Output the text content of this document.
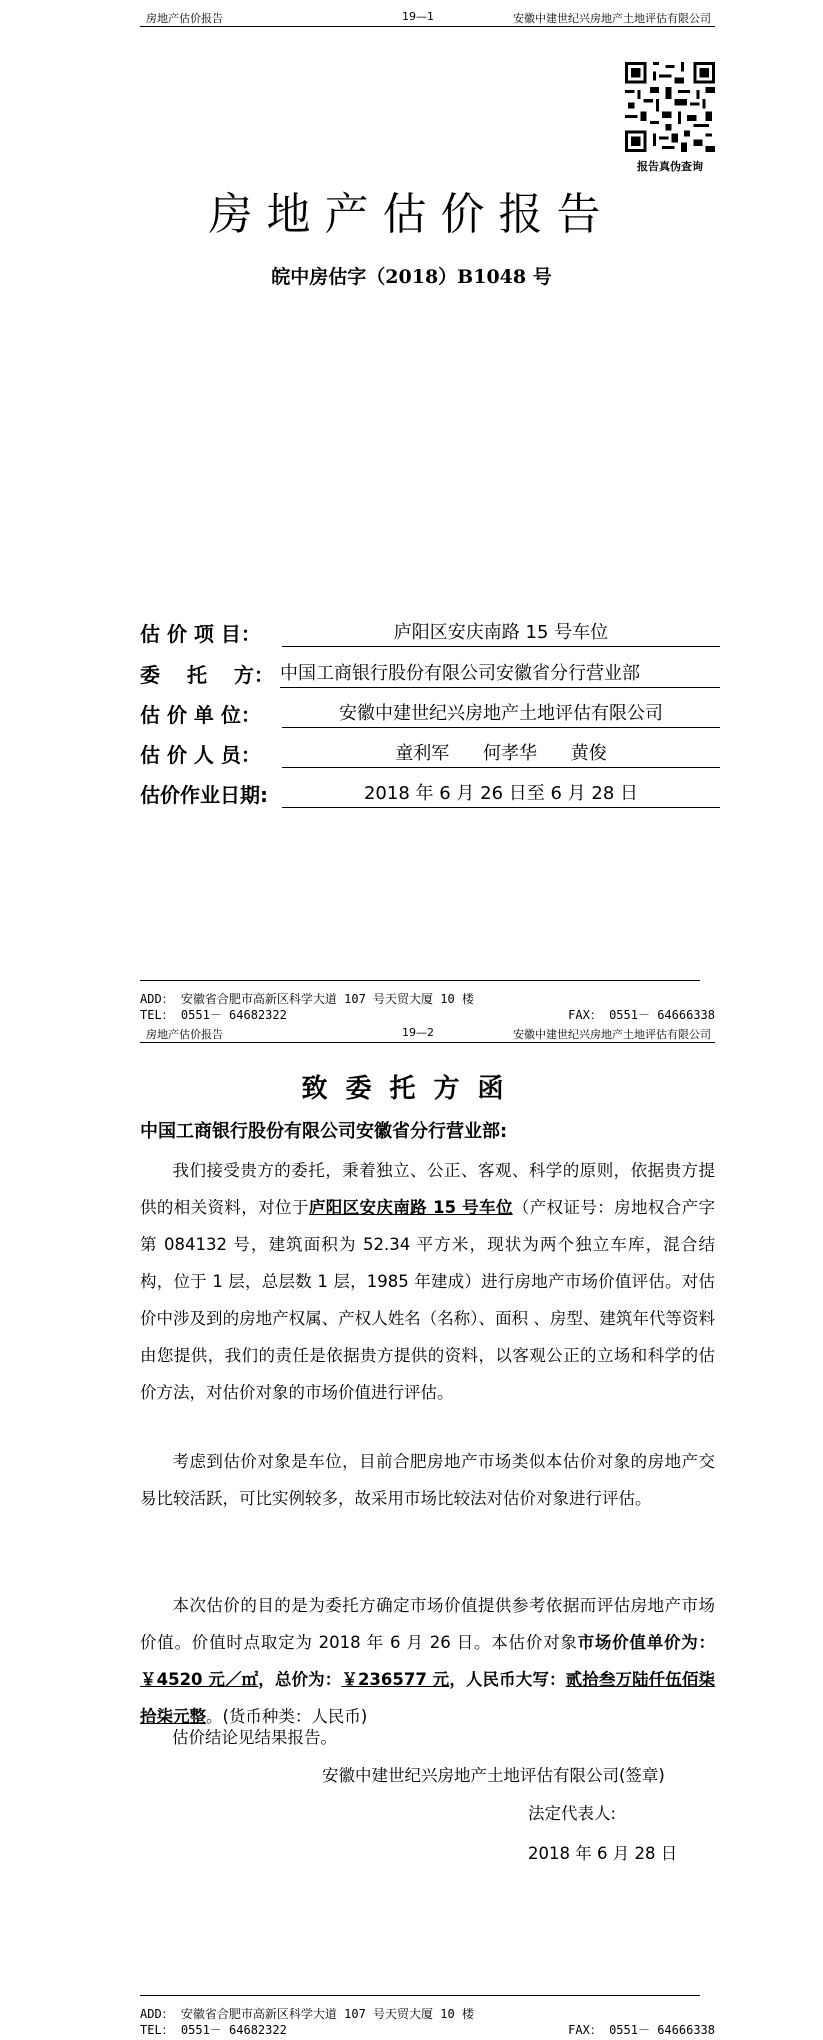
房地产估价报告	19—1	安徽中建世纪兴房地产土地评估有限公司
报告真伪查询
房地产估价报告
皖中房估字（2018）B1048 号
估 价 项 目：	庐阳区安庆南路 15 号车位
委　 托　 方： 中国工商银行股份有限公司安徽省分行营业部
估 价 单 位：	安徽中建世纪兴房地产土地评估有限公司
估 价 人 员：	童利军 何孝华 黄俊
估价作业日期:	2018 年 6 月 26 日至 6 月 28 日
ADD： 安徽省合肥市高新区科学大道 107 号天贸大厦 10 楼
TEL： 0551－ 64682322	FAX： 0551－ 64666338
房地产估价报告	19—2	安徽中建世纪兴房地产土地评估有限公司
致委托方函
中国工商银行股份有限公司安徽省分行营业部:
我们接受贵方的委托，秉着独立、公正、客观、科学的原则，依据贵方提供的相关资料，对位于庐阳区安庆南路 15 号车位（产权证号：房地权合产字第 084132 号，建筑面积为 52.34 平方米，现状为两个独立车库，混合结构，位于 1 层，总层数 1 层，1985 年建成）进行房地产市场价值评估。对估价中涉及到的房地产权属、产权人姓名（名称）、面积 、房型、建筑年代等资料由您提供，我们的责任是依据贵方提供的资料，以客观公正的立场和科学的估价方法，对估价对象的市场价值进行评估。
考虑到估价对象是车位，目前合肥房地产市场类似本估价对象的房地产交易比较活跃，可比实例较多，故采用市场比较法对估价对象进行评估。
本次估价的目的是为委托方确定市场价值提供参考依据而评估房地产市场价值。价值时点取定为 2018 年 6 月 26 日。本估价对象市场价值单价为：￥4520 元／㎡，总价为：￥236577 元，人民币大写：贰拾叁万陆仟伍佰柒拾柒元整。(货币种类：人民币)
估价结论见结果报告。
安徽中建世纪兴房地产土地评估有限公司(签章)
法定代表人:
2018 年 6 月 28 日
ADD： 安徽省合肥市高新区科学大道 107 号天贸大厦 10 楼
TEL： 0551－ 64682322	FAX： 0551－ 64666338
